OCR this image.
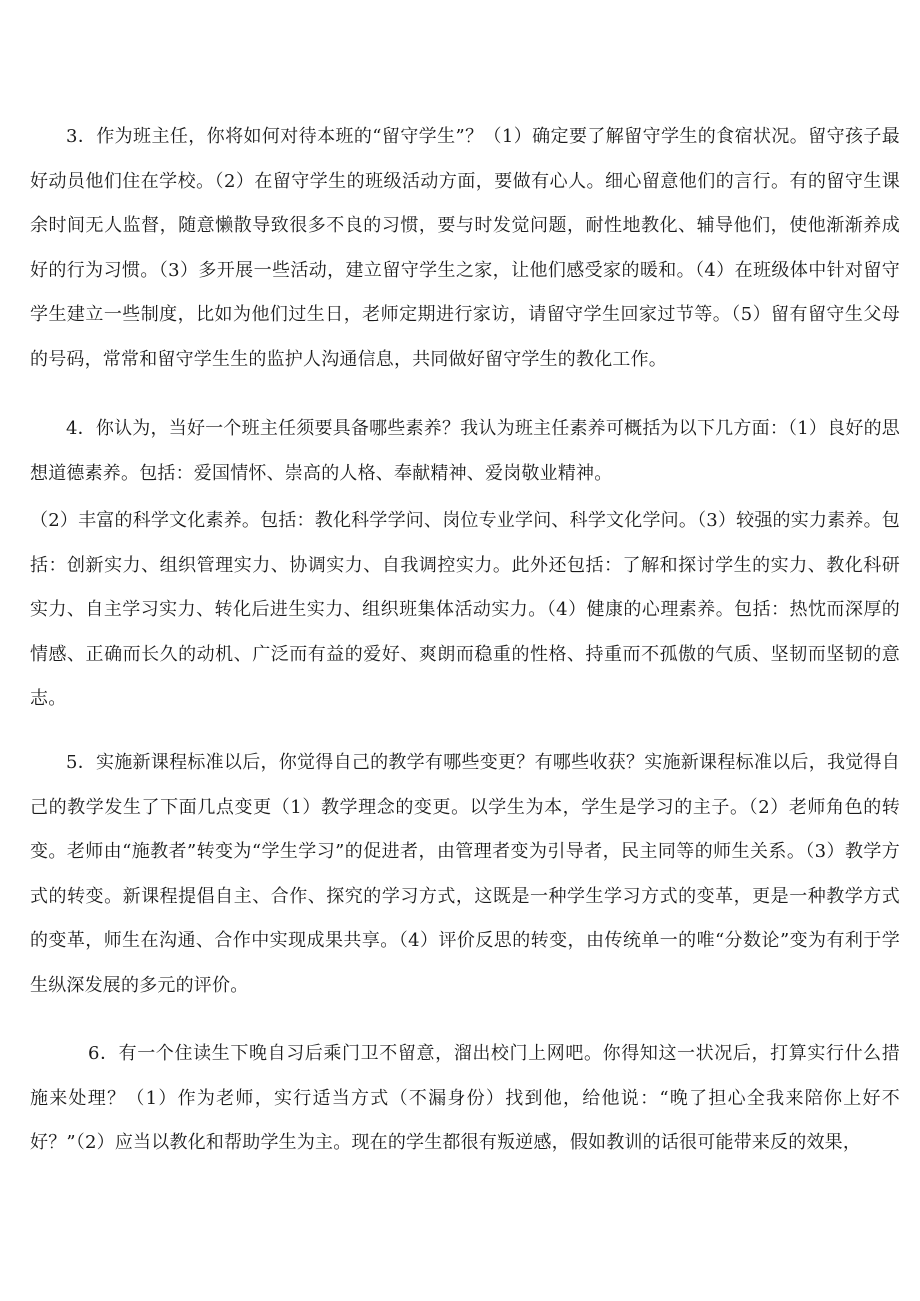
3．作为班主任，你将如何对待本班的“留守学生”？（1）确定要了解留守学生的食宿状况。留守孩子最好动员他们住在学校。（2）在留守学生的班级活动方面，要做有心人。细心留意他们的言行。有的留守生课余时间无人监督，随意懒散导致很多不良的习惯，要与时发觉问题，耐性地教化、辅导他们，使他渐渐养成好的行为习惯。（3）多开展一些活动，建立留守学生之家，让他们感受家的暖和。（4）在班级体中针对留守学生建立一些制度，比如为他们过生日，老师定期进行家访，请留守学生回家过节等。（5）留有留守生父母的号码，常常和留守学生生的监护人沟通信息，共同做好留守学生的教化工作。

4．你认为，当好一个班主任须要具备哪些素养？我认为班主任素养可概括为以下几方面：（1）良好的思想道德素养。包括：爱国情怀、崇高的人格、奉献精神、爱岗敬业精神。

（2）丰富的科学文化素养。包括：教化科学学问、岗位专业学问、科学文化学问。（3）较强的实力素养。包括：创新实力、组织管理实力、协调实力、自我调控实力。此外还包括：了解和探讨学生的实力、教化科研实力、自主学习实力、转化后进生实力、组织班集体活动实力。（4）健康的心理素养。包括：热忱而深厚的情感、正确而长久的动机、广泛而有益的爱好、爽朗而稳重的性格、持重而不孤傲的气质、坚韧而坚韧的意志。

5．实施新课程标准以后，你觉得自己的教学有哪些变更？有哪些收获？实施新课程标准以后，我觉得自己的教学发生了下面几点变更（1）教学理念的变更。以学生为本，学生是学习的主子。（2）老师角色的转变。老师由“施教者”转变为“学生学习”的促进者，由管理者变为引导者，民主同等的师生关系。（3）教学方式的转变。新课程提倡自主、合作、探究的学习方式，这既是一种学生学习方式的变革，更是一种教学方式的变革，师生在沟通、合作中实现成果共享。（4）评价反思的转变，由传统单一的唯“分数论”变为有利于学生纵深发展的多元的评价。

6．有一个住读生下晚自习后乘门卫不留意，溜出校门上网吧。你得知这一状况后，打算实行什么措施来处理？（1）作为老师，实行适当方式（不漏身份）找到他，给他说：“晚了担心全我来陪你上好不好？”（2）应当以教化和帮助学生为主。现在的学生都很有叛逆感，假如教训的话很可能带来反的效果，
